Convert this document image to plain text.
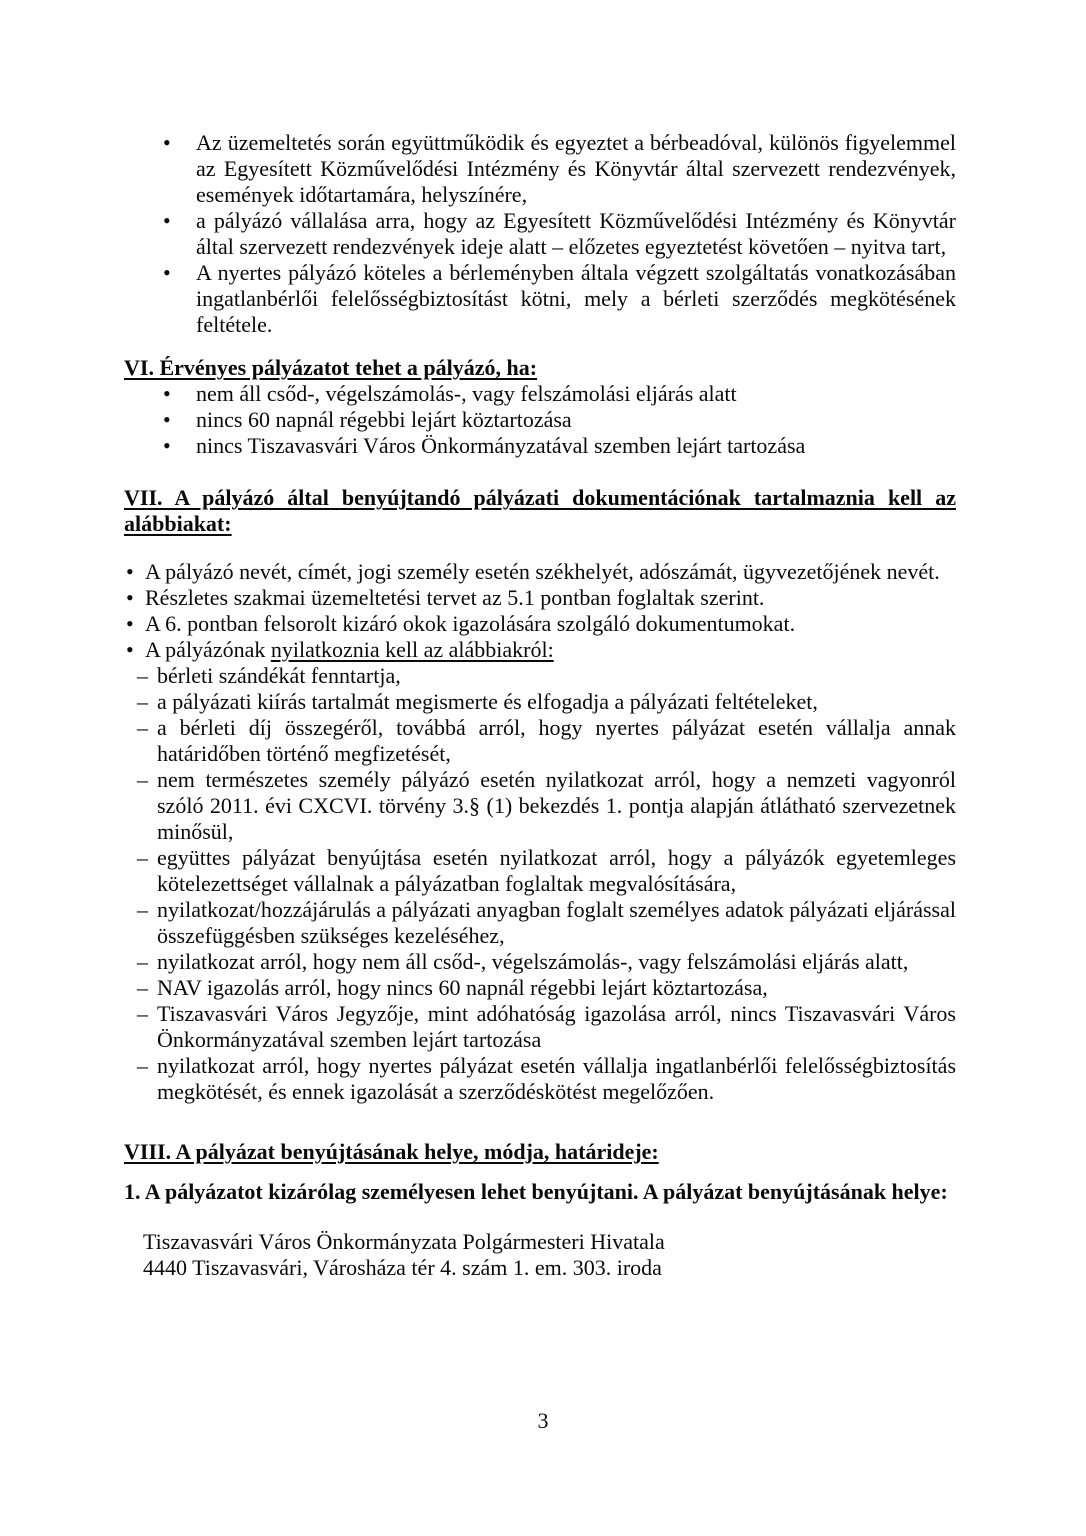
• Az üzemeltetés során együttműködik és egyeztet a bérbeadóval, különös figyelemmel az Egyesített Közművelődési Intézmény és Könyvtár által szervezett rendezvények, események időtartamára, helyszínére,
• a pályázó vállalása arra, hogy az Egyesített Közművelődési Intézmény és Könyvtár által szervezett rendezvények ideje alatt – előzetes egyeztetést követően – nyitva tart,
• A nyertes pályázó köteles a bérleményben általa végzett szolgáltatás vonatkozásában ingatlanbérlői felelősségbiztosítást kötni, mely a bérleti szerződés megkötésének feltétele.
VI. Érvényes pályázatot tehet a pályázó, ha:
• nem áll csőd-, végelszámolás-, vagy felszámolási eljárás alatt
• nincs 60 napnál régebbi lejárt köztartozása
• nincs Tiszavasvári Város Önkormányzatával szemben lejárt tartozása
VII. A pályázó által benyújtandó pályázati dokumentációnak tartalmaznia kell az
alábbiakat:
• A pályázó nevét, címét, jogi személy esetén székhelyét, adószámát, ügyvezetőjének nevét.
• Részletes szakmai üzemeltetési tervet az 5.1 pontban foglaltak szerint.
• A 6. pontban felsorolt kizáró okok igazolására szolgáló dokumentumokat.
• A pályázónak nyilatkoznia kell az alábbiakról:
– bérleti szándékát fenntartja,
– a pályázati kiírás tartalmát megismerte és elfogadja a pályázati feltételeket,
– a bérleti díj összegéről, továbbá arról, hogy nyertes pályázat esetén vállalja annak határidőben történő megfizetését,
– nem természetes személy pályázó esetén nyilatkozat arról, hogy a nemzeti vagyonról szóló 2011. évi CXCVI. törvény 3.§ (1) bekezdés 1. pontja alapján átlátható szervezetnek minősül,
– együttes pályázat benyújtása esetén nyilatkozat arról, hogy a pályázók egyetemleges kötelezettséget vállalnak a pályázatban foglaltak megvalósítására,
– nyilatkozat/hozzájárulás a pályázati anyagban foglalt személyes adatok pályázati eljárással összefüggésben szükséges kezeléséhez,
– nyilatkozat arról, hogy nem áll csőd-, végelszámolás-, vagy felszámolási eljárás alatt,
– NAV igazolás arról, hogy nincs 60 napnál régebbi lejárt köztartozása,
– Tiszavasvári Város Jegyzője, mint adóhatóság igazolása arról, nincs Tiszavasvári Város Önkormányzatával szemben lejárt tartozása
– nyilatkozat arról, hogy nyertes pályázat esetén vállalja ingatlanbérlői felelősségbiztosítás megkötését, és ennek igazolását a szerződéskötést megelőzően.
VIII. A pályázat benyújtásának helye, módja, határideje:

1. A pályázatot kizárólag személyesen lehet benyújtani. A pályázat benyújtásának helye:

Tiszavasvári Város Önkormányzata Polgármesteri Hivatala
4440 Tiszavasvári, Városháza tér 4. szám 1. em. 303. iroda
3
